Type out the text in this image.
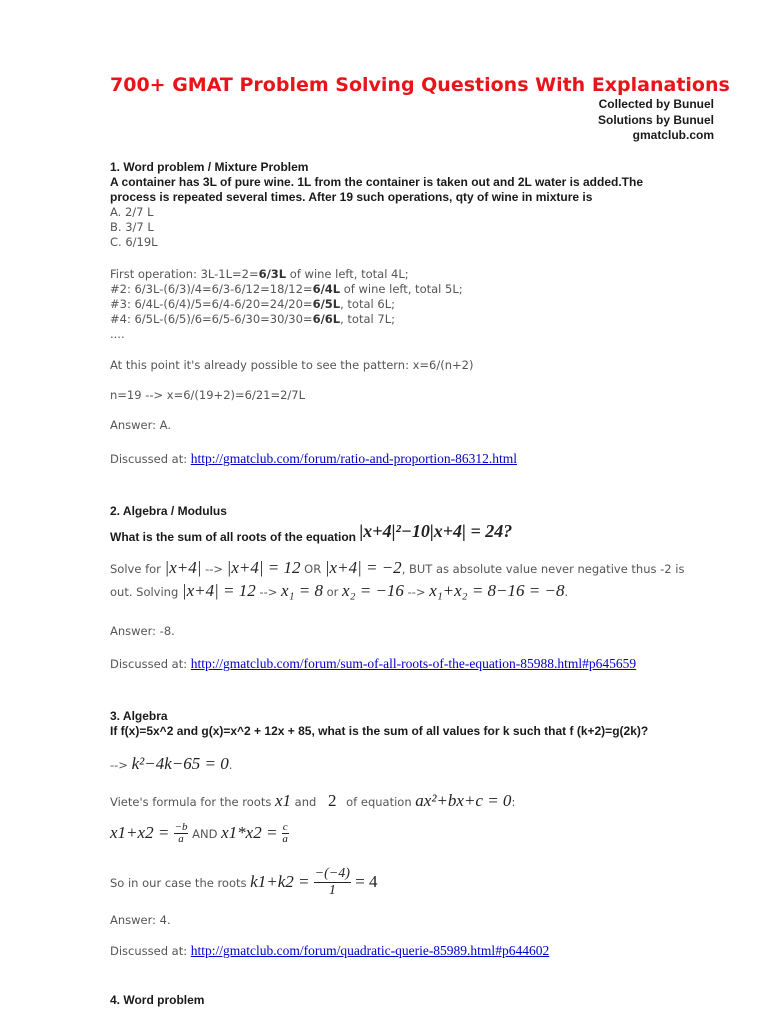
700+ GMAT Problem Solving Questions With Explanations
Collected by Bunuel
Solutions by Bunuel
gmatclub.com
1. Word problem / Mixture Problem
A container has 3L of pure wine. 1L from the container is taken out and 2L water is added.The
process is repeated several times. After 19 such operations, qty of wine in mixture is
A. 2/7 L
B. 3/7 L
C. 6/19L
First operation: 3L-1L=2=6/3L of wine left, total 4L;
#2: 6/3L-(6/3)/4=6/3-6/12=18/12=6/4L of wine left, total 5L;
#3: 6/4L-(6/4)/5=6/4-6/20=24/20=6/5L, total 6L;
#4: 6/5L-(6/5)/6=6/5-6/30=30/30=6/6L, total 7L;
....
At this point it's already possible to see the pattern: x=6/(n+2)
n=19 --> x=6/(19+2)=6/21=2/7L
Answer: A.
Discussed at: http://gmatclub.com/forum/ratio-and-proportion-86312.html
2. Algebra / Modulus
What is the sum of all roots of the equation |x+4|²−10|x+4| = 24?
Solve for |x+4| --> |x+4| = 12 OR |x+4| = −2, BUT as absolute value never negative thus -2 is
out. Solving |x+4| = 12 --> x₁ = 8 or x₂ = −16 --> x₁+x₂ = 8−16 = −8.
Answer: -8.
Discussed at: http://gmatclub.com/forum/sum-of-all-roots-of-the-equation-85988.html#p645659
3. Algebra
If f(x)=5x^2 and g(x)=x^2 + 12x + 85, what is the sum of all values for k such that f (k+2)=g(2k)?
--> k²−4k−65 = 0.
Viete's formula for the roots x1 and 2 of equation ax²+bx+c = 0:
$x1+x2 = \frac{-b}{a}$ AND $x1*x2 = \frac{c}{a}$
So in our case the roots $k1+k2 = \frac{-(-4)}{1} = 4$
Answer: 4.
Discussed at: http://gmatclub.com/forum/quadratic-querie-85989.html#p644602
4. Word problem
